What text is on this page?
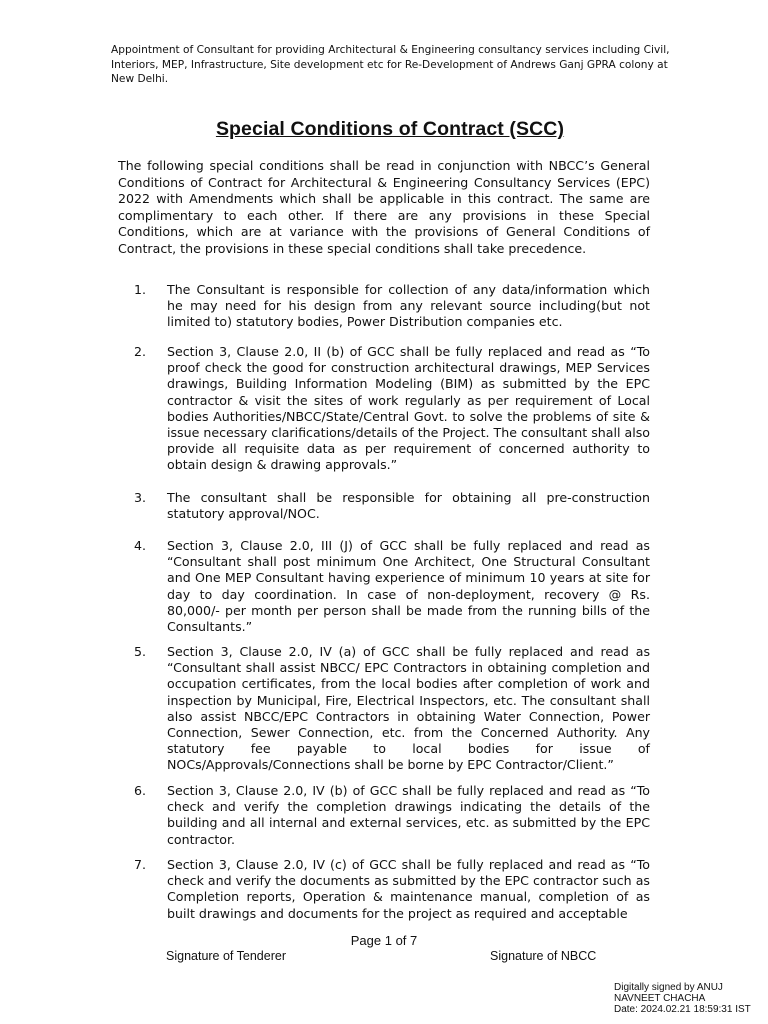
Appointment of Consultant for providing Architectural & Engineering consultancy services including Civil,
Interiors, MEP, Infrastructure, Site development etc for Re-Development of Andrews Ganj GPRA colony at
New Delhi.
Special Conditions of Contract (SCC)
The following special conditions shall be read in conjunction with NBCC’s General Conditions of Contract for Architectural & Engineering Consultancy Services (EPC) 2022 with Amendments which shall be applicable in this contract. The same are complimentary to each other. If there are any provisions in these Special Conditions, which are at variance with the provisions of General Conditions of Contract, the provisions in these special conditions shall take precedence.
1.	The Consultant is responsible for collection of any data/information which he may need for his design from any relevant source including(but not limited to) statutory bodies, Power Distribution companies etc.
2.	Section 3, Clause 2.0, II (b) of GCC shall be fully replaced and read as “To proof check the good for construction architectural drawings, MEP Services drawings, Building Information Modeling (BIM) as submitted by the EPC contractor & visit the sites of work regularly as per requirement of Local bodies Authorities/NBCC/State/Central Govt. to solve the problems of site & issue necessary clarifications/details of the Project. The consultant shall also provide all requisite data as per requirement of concerned authority to obtain design & drawing approvals.”
3.	The consultant shall be responsible for obtaining all pre-construction statutory approval/NOC.
4.	Section 3, Clause 2.0, III (J) of GCC shall be fully replaced and read as “Consultant shall post minimum One Architect, One Structural Consultant and One MEP Consultant having experience of minimum 10 years at site for day to day coordination. In case of non-deployment, recovery @ Rs. 80,000/- per month per person shall be made from the running bills of the Consultants.”
5.	Section 3, Clause 2.0, IV (a) of GCC shall be fully replaced and read as “Consultant shall assist NBCC/ EPC Contractors in obtaining completion and occupation certificates, from the local bodies after completion of work and inspection by Municipal, Fire, Electrical Inspectors, etc. The consultant shall also assist NBCC/EPC Contractors in obtaining Water Connection, Power Connection, Sewer Connection, etc. from the Concerned Authority. Any statutory fee payable to local bodies for issue of NOCs/Approvals/Connections shall be borne by EPC Contractor/Client.”
6.	Section 3, Clause 2.0, IV (b) of GCC shall be fully replaced and read as “To check and verify the completion drawings indicating the details of the building and all internal and external services, etc. as submitted by the EPC contractor.
7.	Section 3, Clause 2.0, IV (c) of GCC shall be fully replaced and read as “To check and verify the documents as submitted by the EPC contractor such as Completion reports, Operation & maintenance manual, completion of as built drawings and documents for the project as required and acceptable
Page 1 of 7
Signature of Tenderer	Signature of NBCC
Digitally signed by ANUJ
NAVNEET CHACHA
Date: 2024.02.21 18:59:31 IST
